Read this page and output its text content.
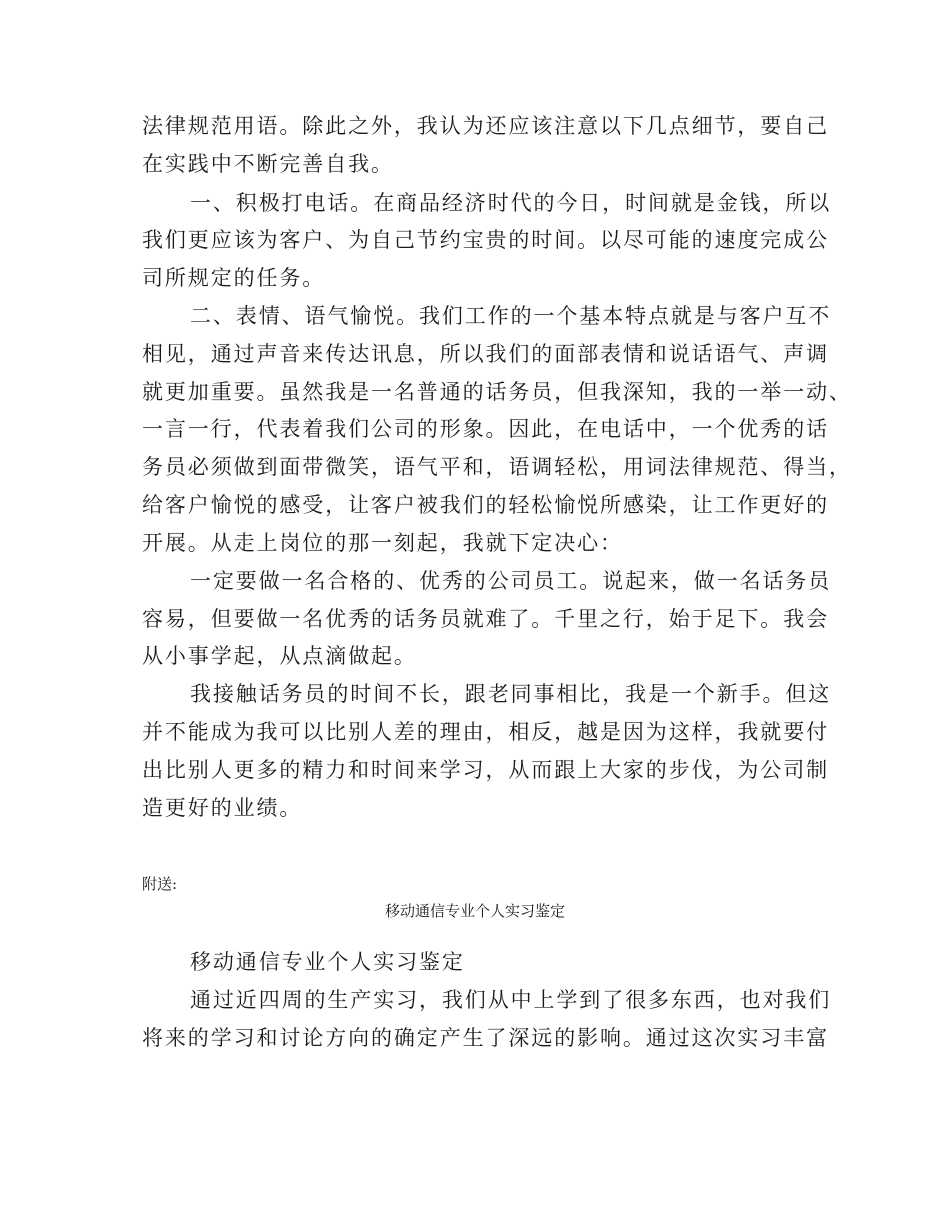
法律规范用语。除此之外，我认为还应该注意以下几点细节，要自己
在实践中不断完善自我。
一、积极打电话。在商品经济时代的今日，时间就是金钱，所以
我们更应该为客户、为自己节约宝贵的时间。以尽可能的速度完成公
司所规定的任务。
二、表情、语气愉悦。我们工作的一个基本特点就是与客户互不
相见，通过声音来传达讯息，所以我们的面部表情和说话语气、声调
就更加重要。虽然我是一名普通的话务员，但我深知，我的一举一动、
一言一行，代表着我们公司的形象。因此，在电话中，一个优秀的话
务员必须做到面带微笑，语气平和，语调轻松，用词法律规范、得当，
给客户愉悦的感受，让客户被我们的轻松愉悦所感染，让工作更好的
开展。从走上岗位的那一刻起，我就下定决心：
一定要做一名合格的、优秀的公司员工。说起来，做一名话务员
容易，但要做一名优秀的话务员就难了。千里之行，始于足下。我会
从小事学起，从点滴做起。
我接触话务员的时间不长，跟老同事相比，我是一个新手。但这
并不能成为我可以比别人差的理由，相反，越是因为这样，我就要付
出比别人更多的精力和时间来学习，从而跟上大家的步伐，为公司制
造更好的业绩。
附送:
移动通信专业个人实习鉴定
移动通信专业个人实习鉴定
通过近四周的生产实习，我们从中上学到了很多东西，也对我们
将来的学习和讨论方向的确定产生了深远的影响。通过这次实习丰富
